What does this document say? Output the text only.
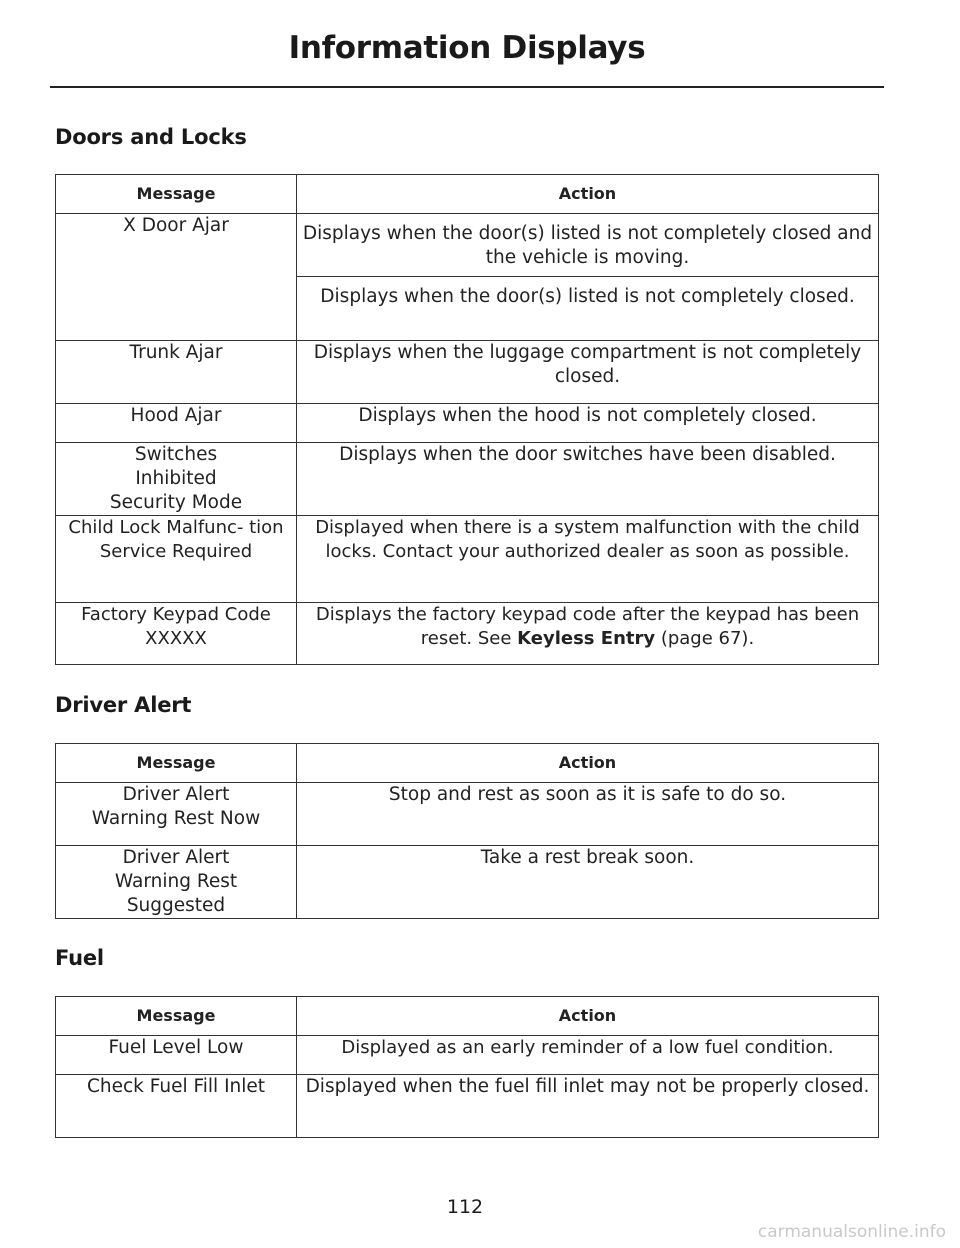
Information Displays
Doors and Locks
Message	Action
X Door Ajar	Displays when the door(s) listed is not completely closed and the vehicle is moving.
Displays when the door(s) listed is not completely closed.

Trunk Ajar	Displays when the luggage compartment is not completely closed.
Hood Ajar	Displays when the hood is not completely closed.
Switches Inhibited Security Mode	Displays when the door switches have been disabled.
Child Lock Malfunc- tion Service Required	Displayed when there is a system malfunction with the child locks. Contact your authorized dealer as soon as possible.
Factory Keypad Code XXXXX	Displays the factory keypad code after the keypad has been reset. See Keyless Entry (page 67).
Driver Alert
Message	Action
Driver Alert Warning Rest Now	Stop and rest as soon as it is safe to do so.
Driver Alert Warning Rest Suggested	Take a rest break soon.
Fuel
Message	Action
Fuel Level Low	Displayed as an early reminder of a low fuel condition.
Check Fuel Fill Inlet	Displayed when the fuel fill inlet may not be properly closed.
112
carmanualsonline.info
